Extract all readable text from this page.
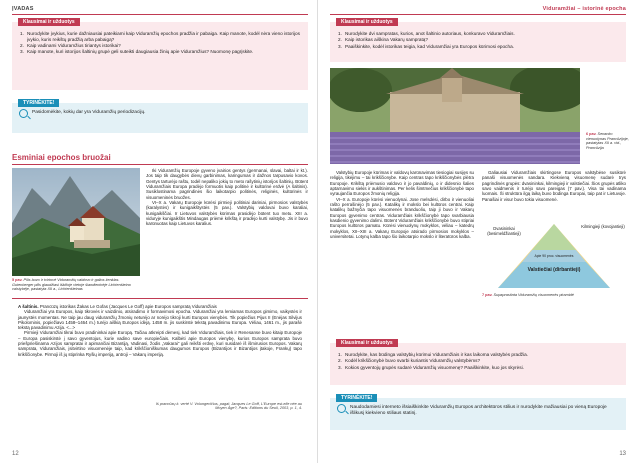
ĮVADAS
Klausimai ir užduotys
1. Nurodykite įvykius, kurie dažniausiai pateikiami kaip Viduramžių epochos pradžia ir pabaiga. Kaip manote, kodėl nėra vieno istorijos įvykio, kuris reikštų pradžią arba pabaigą?
2. Kaip vadinami Viduramžius tiriantys istorikai?
3. Kaip manote, kuri istorijos šaltinių grupė geli suteikti daugiausia žinių apie Viduramžius? Nuomonę pagrįskite.
TYRINĖKITE!
Pasidomėkite, kokių dar yra Viduramžių periodizacijų.
Esminiai epochos bruožai
5 pav. Pilis buvo ir tvirtovė Viduramžių valdovo ir galios ženklas. Gutenberger pilis glaudžiasi iškilioje vietoje šiandieninėje Lichtenšteino valstybėje, pastatyta XII a., Lichtenšteinas

Iki Viduramžių Europoje gyveno įvairios gentys (germanai, slavai, baltai ir kt.). Jos taip tik daugybės dievų garbinimas, karingumas ir dažnos tarpusavio kovos. Gentys tarturėjo raštu, todėl nepaliko jokių to meto rašytinių istorijos šaltinių. Būtent Viduramžiais Europa pradėjo formuotis kaip politinė ir kultūrinė erdvė (A šaltinis). Susiklostinama pagrindinės šio laikotarpio politinės, religinės, kultūrinės ir visuomeninės bruožes.

VI–X a. Vakarų Europoje kūrėsi pirmieji politiniai dariniai, pirmosios valstybės (karalystės) ir kunigaikštystės (5 pav.). Valstybių valdovai buvo karaliai, kunigaikščiai. Ir Lietuvos valstybės kūrimas prasidėjo būtent tuo metu. XIII a. viduryje kunigaikštis Mindaugas priėmė krikštą ir pradėjo kurti valstybę. Jis ir buvo karūnuotas kaip Lietuvos karalius.

A šaltinis. Prancūzų istorikas Žakas Le Gofas (Jacques Le Goff) apie Europos sampratą Viduramžiais

Viduramžiai yra Europos, kaip tikrovės ir vaizdinio, atsiradimo ir formavimosi epocha. Viduramžiai yra lemiamas Europos gimimo, vaikystės ir jaunystės momentas. Ne taip jau daug viduramžių žmonių neturėjo ar norėjo tikroji kurti Europos vienybės. Tik popiežius Pijus II (Enėjas Silvijus Pikolominis, popiežiavo 1458–1464 m.) turėjo aiškią Europos idėją. 1458 m. jis suskirstė tekstą pavadinimu Europa. Vėliau, 1461 m., jis parašė tekstą pavadinimu Azija. <...>

Pirmieji Viduramžiai tikrai buvo pradininkai apie Europą. Tačiau atkreipti dėmesį, kad tiek Viduramžiais, tiek ir Renesanse buvo kitaip Europoje – Europa pasiskirstė į savo gyventojus, kurie vadino save europiečiais. Kalbėti apie Europos vienybę, kurios Europos samprata buvo priešpriešinama Azijos sampratai ir apimančiai Bizantiją, Vadinasi, žodis „Vakarai“ gali reikšti erdvę, kuri susidarė iš išmirusios Europos. Vakarų samprata, Viduramžiais, įsitvirtino visuomenėje taip, kad krikščioniškumas daugumos Europos (Bizantijos ir Bizantijos įtakoje, Frankų) tapo krikščionybe. Pirmoji iš jų stiprinka Ryšių imperiją, antroji – Vakarų imperiją.

Iš prancūzų k. vertė V. Volungevičius, pagal: Jacques Le Goff, L'Europe est-elle née au Moyen Âge?, Paris: Editions du Seuil, 2003, p. 1, 4.
12
Viduramžiai – istorinė epocha
Klausimai ir užduotys
1. Nurodykite dvi sampratas, kurios, anot šaltinio autoriaus, konkuravo Viduramžiais.
2. Kaip istorikas aiškina Vakarų sampratą?
3. Paaiškinkite, kodėl istorikas teigia, kad Viduramžiai yra Europos kūrimosi epocha.
6 pav. Senanko vienuolynas Prancūzijoje, pastatytas XII a. vid., Prancūzija

Valstybių Europoje kūrimas ir valdovų karūnavimas tiesiogiai susijęs su religija, tikėjimu – tai krikščionybe. Kaip centras tapo krikščionybės plėtra Europoje. Krikštą priėmusio valdovo ir jo pavaldinių, o ir didesnio šalies aptarnavimo siekis ir aukštinimas. Per kelis šimtmečius krikščionybė tapo vyraujančia Europos žmonių religija.

VI–X a. Europoje kūrėsi vienuolynai. Jose melsdėsi, dirbo ir vienuoliai rašto perrašinėjo (5 pav.). Katalikų ir mokslo bei kultūros centrai. Kaip katalikų bažnyčia tapo visuomenės branduoliu, taip ji buvo ir Vakarų Europos gyvenimo centras. Viduramžiais krikščionybė tapo svarbiausia kasdienio gyvenimo dalimi. Būtent Viduramžiais krikščionybė buvo stipriai Europos kultūros pamatu. Kūrėsi vienuolynų mokyklos, vėliau – katedrų mokyklos, XII–XIII a. Vakarų Europoje atsirado pirmosios mokyklos – universitetai. Lotynų kalba tapo šio laikotarpio mokslo ir literatūros kalba.

Galiausiai Viduramžiais skirtingose Europos valstybėse susikūrė panaši visuomenės sandara. Kiekvieną visuomenę sudarė trys pagrindinės grupės: dvasininkai, kilmingieji ir valstiečiai. Šios grupės atliko savo vaidmenis ir turėjo savo pareigas (7 pav.). Visa tai vadinama luomais. Ši struktūra ilgą laiką buvo būdinga Europai, taip pat ir Lietuvoje. Panašiai ir visur buvo tokia visuomenė.

Dvasininkai (besimeldžiantieji)
Kilmingieji (kovojantieji)
Apie 90 proc. visuomenės
Valstiečiai (dirbantieji)
7 pav. Supaprastinta Viduramžių visuomenės piramidė
Klausimai ir užduotys
1. Nurodykite, kas būdinga valstybių kūrimui Viduramžiais ir kas laikoma valstybės pradžia.
2. Kodėl krikščionybė buvo svarbi kuriantis Viduramžių valstybėms?
3. Kokios gyventojų grupės sudarė Viduramžių visuomenę? Paaiškinkite, kuo jos skyrėsi.
TYRINĖKITE!
Naudodamiesi interneto išsiaiškinkite Viduramžių Europos architektūros stilius ir nurodykite mažiausiai po vieną Europoje išlikusį kiekvieno stiliaus statinį.
13
